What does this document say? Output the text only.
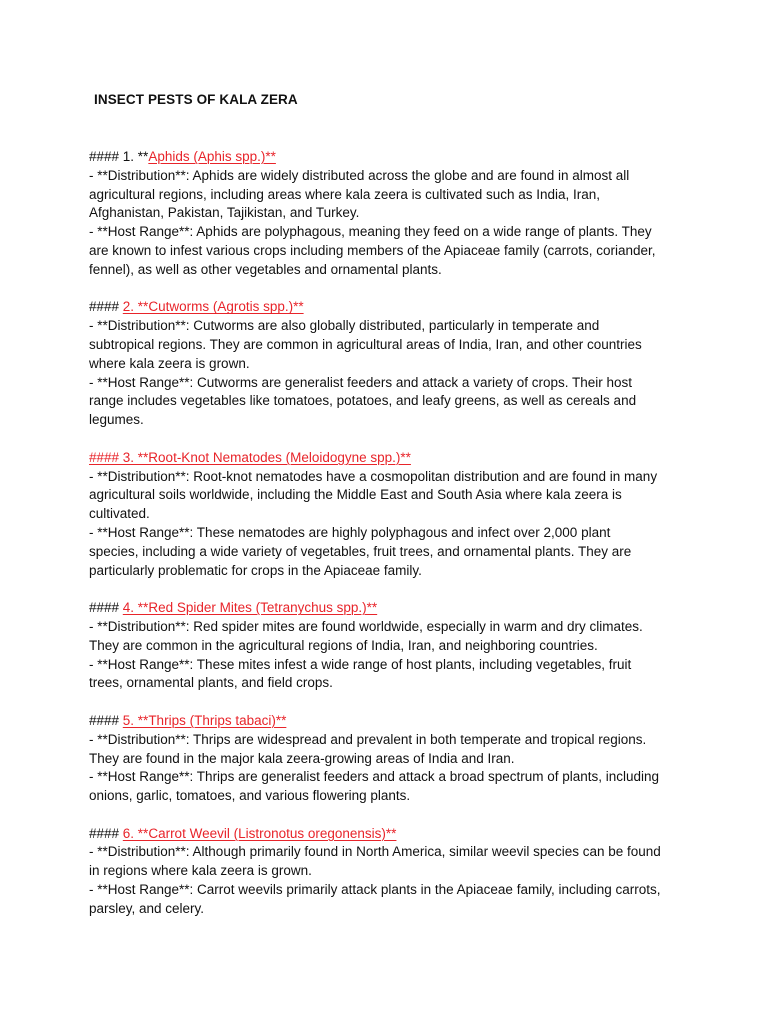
INSECT PESTS OF KALA ZERA

#### 1. **Aphids (Aphis spp.)**

- **Distribution**: Aphids are widely distributed across the globe and are found in almost all

agricultural regions, including areas where kala zeera is cultivated such as India, Iran,

Afghanistan, Pakistan, Tajikistan, and Turkey.

- **Host Range**: Aphids are polyphagous, meaning they feed on a wide range of plants. They

are known to infest various crops including members of the Apiaceae family (carrots, coriander,

fennel), as well as other vegetables and ornamental plants.

#### 2. **Cutworms (Agrotis spp.)**

- **Distribution**: Cutworms are also globally distributed, particularly in temperate and

subtropical regions. They are common in agricultural areas of India, Iran, and other countries

where kala zeera is grown.

- **Host Range**: Cutworms are generalist feeders and attack a variety of crops. Their host

range includes vegetables like tomatoes, potatoes, and leafy greens, as well as cereals and

legumes.

#### 3. **Root-Knot Nematodes (Meloidogyne spp.)**

- **Distribution**: Root-knot nematodes have a cosmopolitan distribution and are found in many

agricultural soils worldwide, including the Middle East and South Asia where kala zeera is

cultivated.

- **Host Range**: These nematodes are highly polyphagous and infect over 2,000 plant

species, including a wide variety of vegetables, fruit trees, and ornamental plants. They are

particularly problematic for crops in the Apiaceae family.

#### 4. **Red Spider Mites (Tetranychus spp.)**

- **Distribution**: Red spider mites are found worldwide, especially in warm and dry climates.

They are common in the agricultural regions of India, Iran, and neighboring countries.

- **Host Range**: These mites infest a wide range of host plants, including vegetables, fruit

trees, ornamental plants, and field crops.

#### 5. **Thrips (Thrips tabaci)**

- **Distribution**: Thrips are widespread and prevalent in both temperate and tropical regions.

They are found in the major kala zeera-growing areas of India and Iran.

- **Host Range**: Thrips are generalist feeders and attack a broad spectrum of plants, including

onions, garlic, tomatoes, and various flowering plants.

#### 6. **Carrot Weevil (Listronotus oregonensis)**

- **Distribution**: Although primarily found in North America, similar weevil species can be found

in regions where kala zeera is grown.

- **Host Range**: Carrot weevils primarily attack plants in the Apiaceae family, including carrots,

parsley, and celery.
